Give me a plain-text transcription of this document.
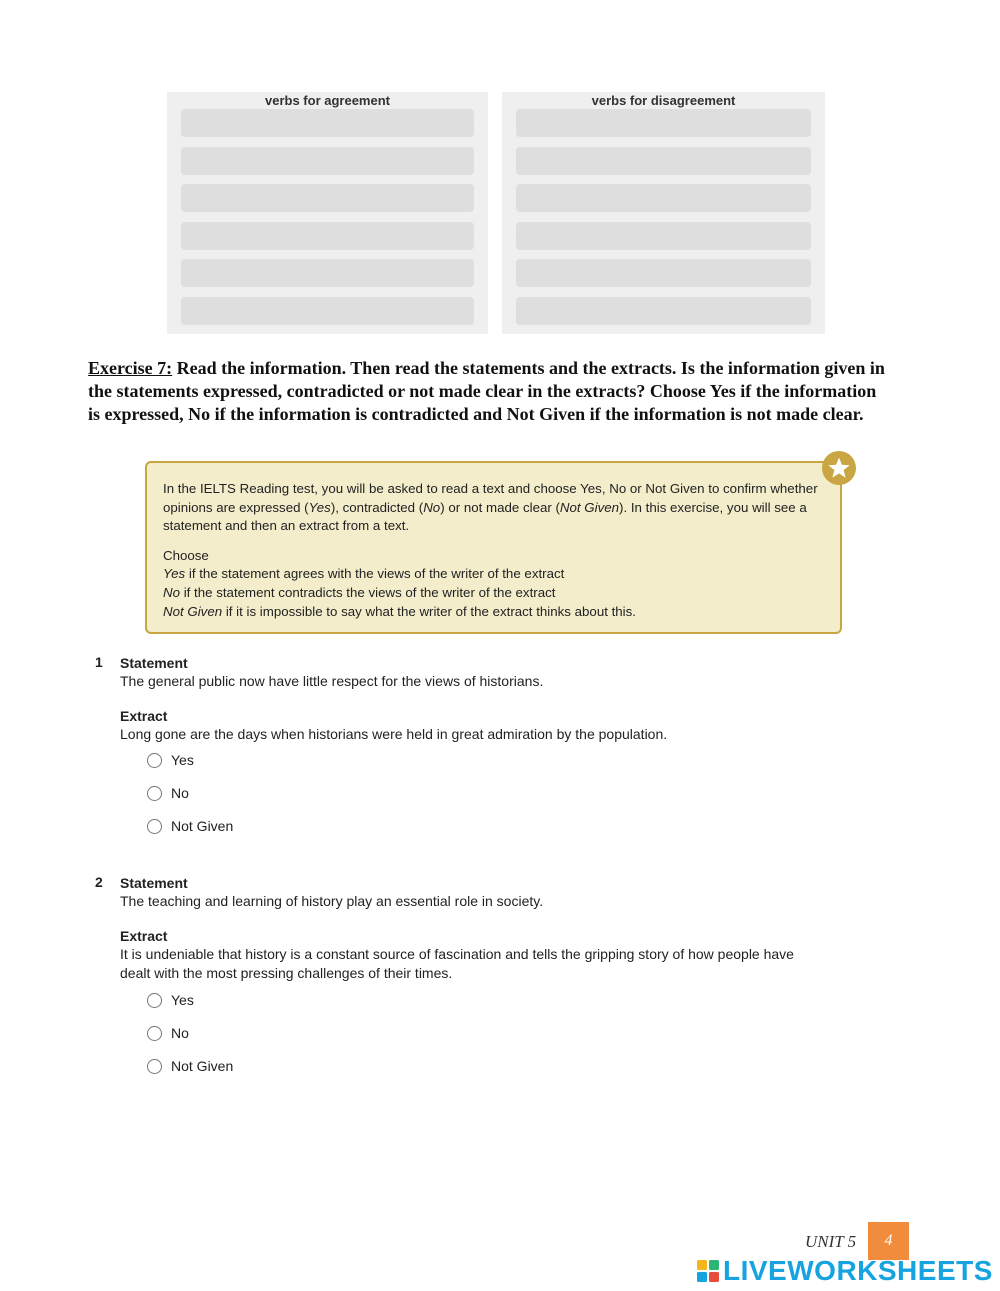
verbs for agreement	verbs for disagreement
Exercise 7: Read the information. Then read the statements and the extracts. Is the information given in the statements expressed, contradicted or not made clear in the extracts? Choose Yes if the information is expressed, No if the information is contradicted and Not Given if the information is not made clear.

In the IELTS Reading test, you will be asked to read a text and choose Yes, No or Not Given to confirm whether opinions are expressed (Yes), contradicted (No) or not made clear (Not Given). In this exercise, you will see a statement and then an extract from a text.

Choose

Yes if the statement agrees with the views of the writer of the extract

No if the statement contradicts the views of the writer of the extract

Not Given if it is impossible to say what the writer of the extract thinks about this.

1 Statement
The general public now have little respect for the views of historians.
Extract
Long gone are the days when historians were held in great admiration by the population.
Yes
No
Not Given
2 Statement
The teaching and learning of history play an essential role in society.
Extract
It is undeniable that history is a constant source of fascination and tells the gripping story of how people have dealt with the most pressing challenges of their times.
Yes
No
Not Given
UNIT 5	4
LIVEWORKSHEETS
